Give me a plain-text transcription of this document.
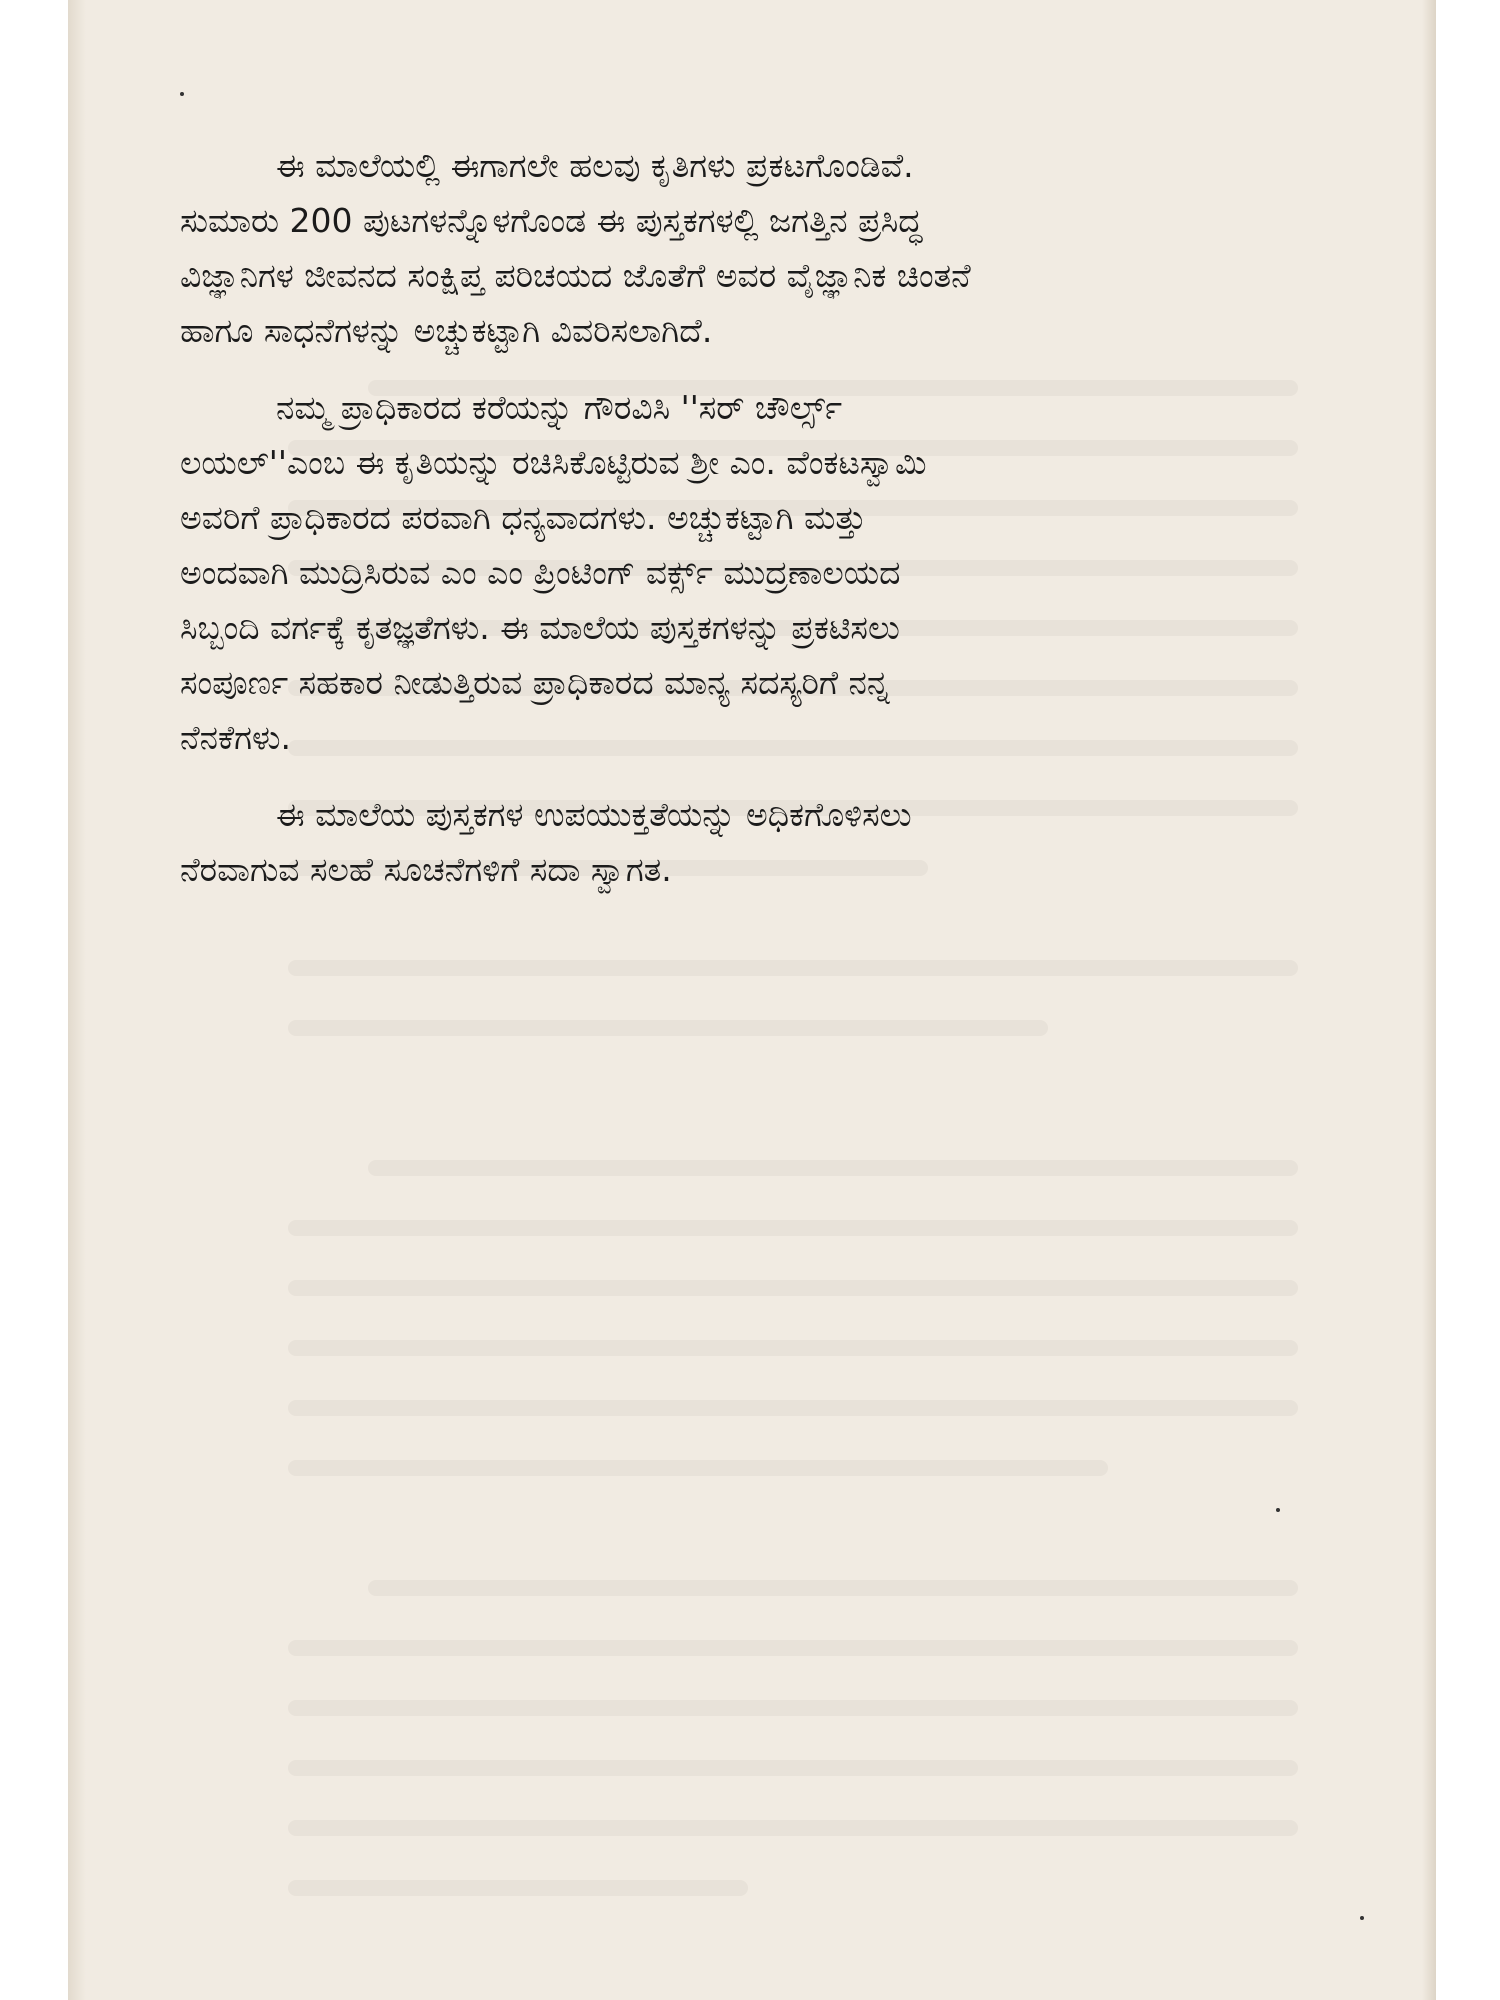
ಈ ಮಾಲೆಯಲ್ಲಿ ಈಗಾಗಲೇ ಹಲವು ಕೃತಿಗಳು ಪ್ರಕಟಗೊಂಡಿವೆ.
ಸುಮಾರು 200 ಪುಟಗಳನ್ನೊಳಗೊಂಡ ಈ ಪುಸ್ತಕಗಳಲ್ಲಿ ಜಗತ್ತಿನ ಪ್ರಸಿದ್ಧ
ವಿಜ್ಞಾನಿಗಳ ಜೀವನದ ಸಂಕ್ಷಿಪ್ತ ಪರಿಚಯದ ಜೊತೆಗೆ ಅವರ ವೈಜ್ಞಾನಿಕ ಚಿಂತನೆ
ಹಾಗೂ ಸಾಧನೆಗಳನ್ನು ಅಚ್ಚುಕಟ್ಟಾಗಿ ವಿವರಿಸಲಾಗಿದೆ.

ನಮ್ಮ ಪ್ರಾಧಿಕಾರದ ಕರೆಯನ್ನು ಗೌರವಿಸಿ ''ಸರ್ ಚೌರ್ಲ್ಸ್
ಲಯಲ್''ಎಂಬ ಈ ಕೃತಿಯನ್ನು ರಚಿಸಿಕೊಟ್ಟಿರುವ ಶ್ರೀ ಎಂ. ವೆಂಕಟಸ್ವಾಮಿ
ಅವರಿಗೆ ಪ್ರಾಧಿಕಾರದ ಪರವಾಗಿ ಧನ್ಯವಾದಗಳು. ಅಚ್ಚುಕಟ್ಟಾಗಿ ಮತ್ತು
ಅಂದವಾಗಿ ಮುದ್ರಿಸಿರುವ ಎಂ ಎಂ ಪ್ರಿಂಟಿಂಗ್ ವರ್ಕ್ಸ್ ಮುದ್ರಣಾಲಯದ
ಸಿಬ್ಬಂದಿ ವರ್ಗಕ್ಕೆ ಕೃತಜ್ಞತೆಗಳು. ಈ ಮಾಲೆಯ ಪುಸ್ತಕಗಳನ್ನು ಪ್ರಕಟಿಸಲು
ಸಂಪೂರ್ಣ ಸಹಕಾರ ನೀಡುತ್ತಿರುವ ಪ್ರಾಧಿಕಾರದ ಮಾನ್ಯ ಸದಸ್ಯರಿಗೆ ನನ್ನ
ನೆನಕೆಗಳು.

ಈ ಮಾಲೆಯ ಪುಸ್ತಕಗಳ ಉಪಯುಕ್ತತೆಯನ್ನು ಅಧಿಕಗೊಳಿಸಲು
ನೆರವಾಗುವ ಸಲಹೆ ಸೂಚನೆಗಳಿಗೆ ಸದಾ ಸ್ವಾಗತ.
